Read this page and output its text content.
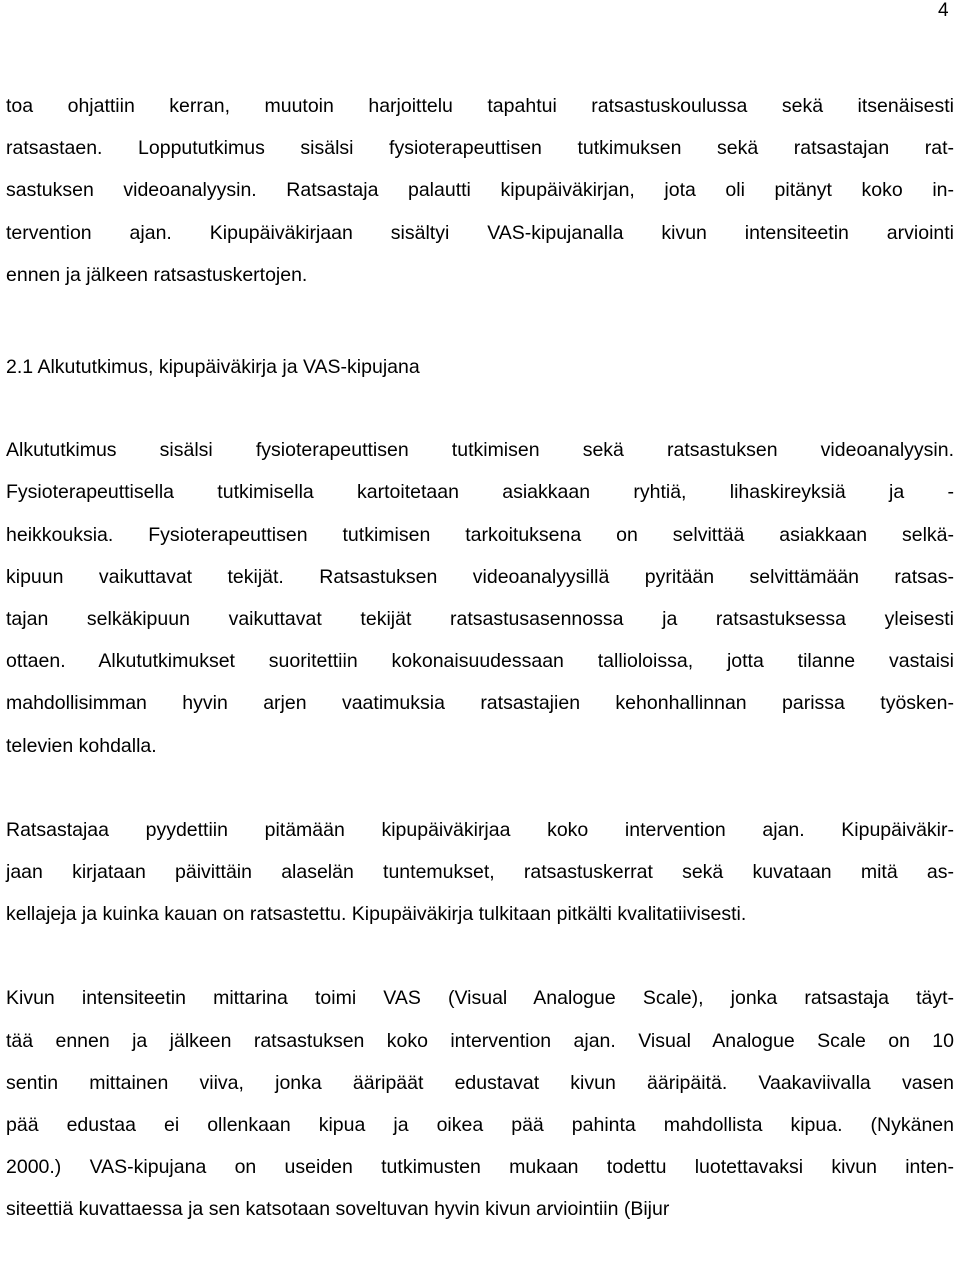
4
toa ohjattiin kerran, muutoin harjoittelu tapahtui ratsastuskoulussa sekä itsenäisesti
ratsastaen. Loppututkimus sisälsi fysioterapeuttisen tutkimuksen sekä ratsastajan rat-
sastuksen videoanalyysin. Ratsastaja palautti kipupäiväkirjan, jota oli pitänyt koko in-
tervention ajan. Kipupäiväkirjaan sisältyi VAS-kipujanalla kivun intensiteetin arviointi
ennen ja jälkeen ratsastuskertojen.
2.1 Alkututkimus, kipupäiväkirja ja VAS-kipujana
Alkututkimus sisälsi fysioterapeuttisen tutkimisen sekä ratsastuksen videoanalyysin.
Fysioterapeuttisella tutkimisella kartoitetaan asiakkaan ryhtiä, lihaskireyksiä ja -
heikkouksia. Fysioterapeuttisen tutkimisen tarkoituksena on selvittää asiakkaan selkä-
kipuun vaikuttavat tekijät. Ratsastuksen videoanalyysillä pyritään selvittämään ratsas-
tajan selkäkipuun vaikuttavat tekijät ratsastusasennossa ja ratsastuksessa yleisesti
ottaen. Alkututkimukset suoritettiin kokonaisuudessaan tallioloissa, jotta tilanne vastaisi
mahdollisimman hyvin arjen vaatimuksia ratsastajien kehonhallinnan parissa työsken-
televien kohdalla.
Ratsastajaa pyydettiin pitämään kipupäiväkirjaa koko intervention ajan. Kipupäiväkir-
jaan kirjataan päivittäin alaselän tuntemukset, ratsastuskerrat sekä kuvataan mitä as-
kellajeja ja kuinka kauan on ratsastettu. Kipupäiväkirja tulkitaan pitkälti kvalitatiivisesti.
Kivun intensiteetin mittarina toimi VAS (Visual Analogue Scale), jonka ratsastaja täyt-
tää ennen ja jälkeen ratsastuksen koko intervention ajan. Visual Analogue Scale on 10
sentin mittainen viiva, jonka ääripäät edustavat kivun ääripäitä. Vaakaviivalla vasen
pää edustaa ei ollenkaan kipua ja oikea pää pahinta mahdollista kipua. (Nykänen
2000.) VAS-kipujana on useiden tutkimusten mukaan todettu luotettavaksi kivun inten-
siteettiä kuvattaessa ja sen katsotaan soveltuvan hyvin kivun arviointiin (Bijur
